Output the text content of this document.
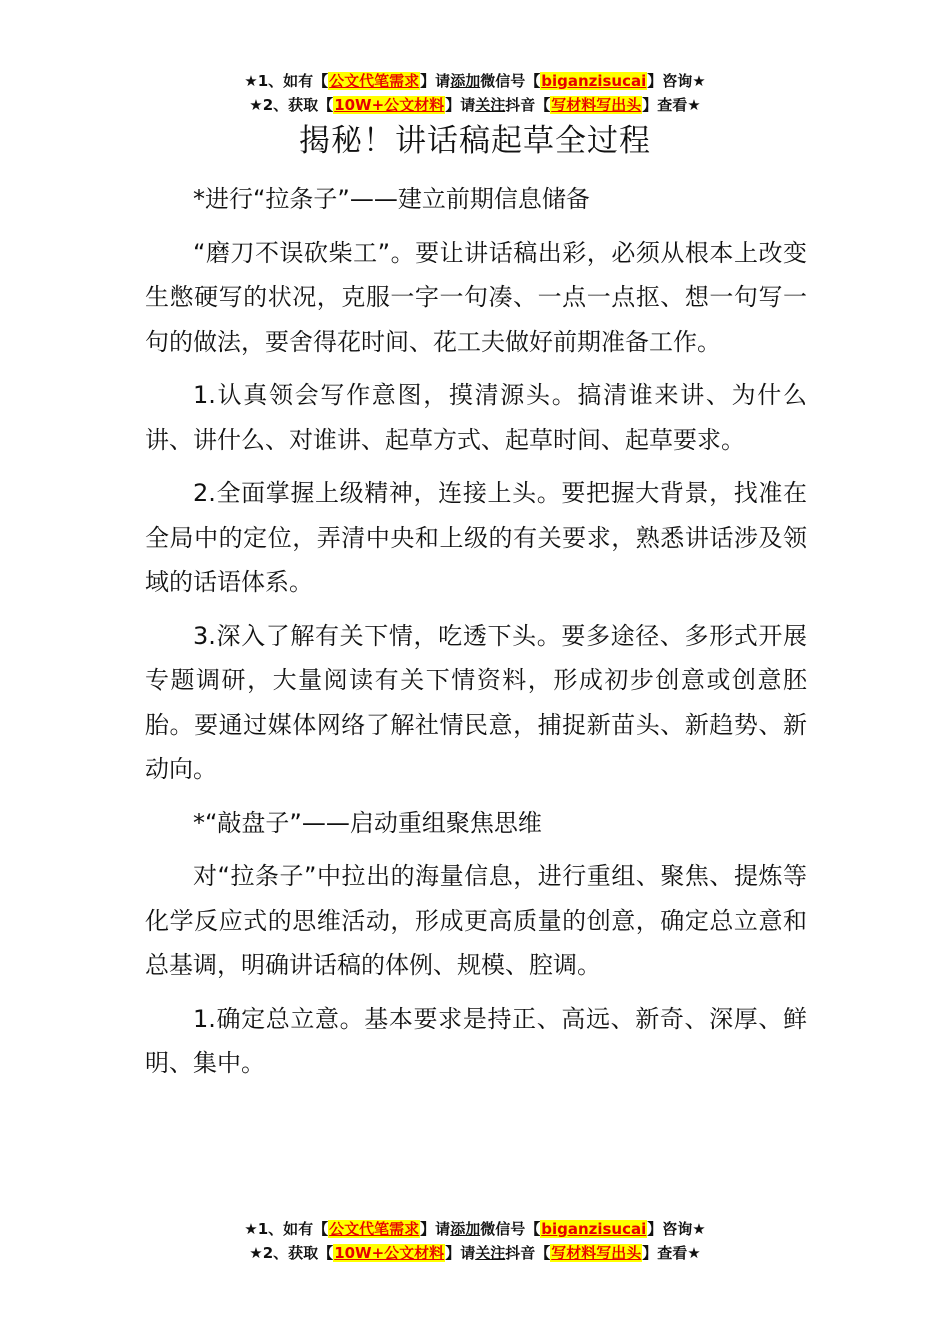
★1、如有【公文代笔需求】请添加微信号【biganzisucai】咨询★
★2、获取【10W+公文材料】请关注抖音【写材料写出头】查看★
揭秘！讲话稿起草全过程

*进行“拉条子”——建立前期信息储备

“磨刀不误砍柴工”。要让讲话稿出彩，必须从根本上改变生憋硬写的状况，克服一字一句凑、一点一点抠、想一句写一句的做法，要舍得花时间、花工夫做好前期准备工作。

1.认真领会写作意图，摸清源头。搞清谁来讲、为什么讲、讲什么、对谁讲、起草方式、起草时间、起草要求。

2.全面掌握上级精神，连接上头。要把握大背景，找准在全局中的定位，弄清中央和上级的有关要求，熟悉讲话涉及领域的话语体系。

3.深入了解有关下情，吃透下头。要多途径、多形式开展专题调研，大量阅读有关下情资料，形成初步创意或创意胚胎。要通过媒体网络了解社情民意，捕捉新苗头、新趋势、新动向。

*“敲盘子”——启动重组聚焦思维

对“拉条子”中拉出的海量信息，进行重组、聚焦、提炼等化学反应式的思维活动，形成更高质量的创意，确定总立意和总基调，明确讲话稿的体例、规模、腔调。

1.确定总立意。基本要求是持正、高远、新奇、深厚、鲜明、集中。

★1、如有【公文代笔需求】请添加微信号【biganzisucai】咨询★
★2、获取【10W+公文材料】请关注抖音【写材料写出头】查看★
